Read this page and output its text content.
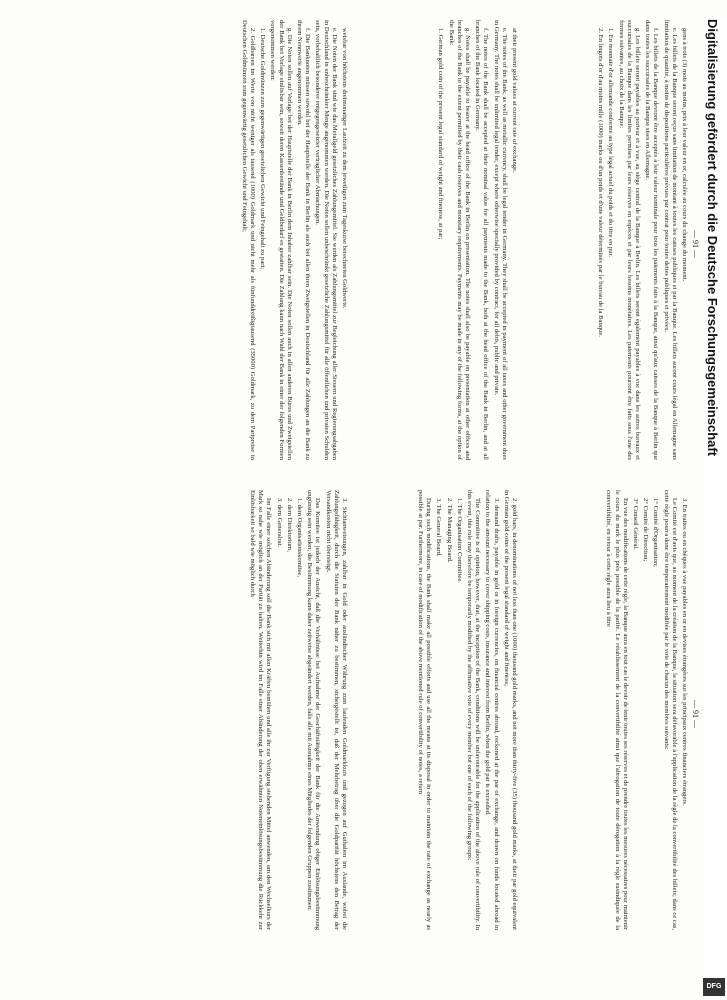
— 91 —
— 91 —

gens à trois (3) mois au moins, prix à leur valeur en or, calculée au cours du change du moment.

e. Les billets de la Banque seront reçus sans limitation de montant à toutes les caisses publiques et par la Banque. Les billets auront cours légal en Allemagne sans limitation de quantité, à moins de dispositions particulières prévues par contrat pour toutes dettes publiques et privées.

f. Les billets de la Banque devront être acceptés à leur valeur nominale pour tous les paiements faits à la Banque, ainsi qu'aux caisses de la Banque à Berlin que dans toutes les succursales de la Banque sises en Allemagne.

g. Les billets seront payables au porteur et à vue, au siège central de la Banque à Berlin. Les billets seront également payables à vue dans les autres bureaux et succursales de la Banque dans les limites permises par leurs réserves en espèces et par leurs besoins monétaires. Les paiements pourront être faits sous l'une des formes suivantes, au choix de la Banque:

1. En monnaie d'or allemande conforme au type légal actuel du poids et du titre en pur.

2. En lingots d'or d'au moins mille (1000) marks ou d'un poids et d'une valeur déterminés par le bureau de la Banque.

3. En traites ou en chèques à vue payables en or en devises étrangères sur les principaux centres financiers étrangers.

Le Comité est d'avis que, au moment de la création de la Banque, la situation sera défavorable à l'application de la règle de la convertibilité des billets; dans ce cas, cette règle pourra donc être temporairement modifiée par le vote de chacun des membres suivants:

1° Comité d'Organisation;

2° Comité de Direction;

3° Conseil Général.

En vue des modifications de cette règle, la Banque aura en tout cas le devoir de tenir toutes ses réserves et de prendre toutes les mesures nécessaires pour maintenir le cours du mark le plus près possible de la parité. Le rétablissement de la convertibilité ainsi que l'abrogation de toute dérogation à la règle susindiquée de la convertibilité, en retour à cette règle aura lieu à titre

at their present gold values at current rate of exchange.

e. The notes of the Bank, as well as metallic currency, shall be legal tender in Germany. They shall be accepted in payment of all taxes and other government dues in Germany. The notes shall be unlimited legal tender, except where otherwise specially provided by contract, for all debts, public and private.

f. The notes of the Bank shall be accepted at their nominal value for all payments made to the Bank, both at the head office of the Bank in Berlin, and at all branches of the Bank located in Germany.

g. Notes shall be payable to bearer at the head office of the Bank in Berlin on presentation. The notes shall also be payable on presentation at other offices and branches of the Bank to the extent permitted by their cash reserves and monetary requirements. Payments may be made in any of the following forms, at the option of the Bank:

1. German gold coin of the present legal standard of weight and fineness, at par;

2. gold bars, in denominations of not less than one (1000) thousand gold marks, and not more than thirty-five (35) thousand gold marks, at their par gold equivalent in German gold coins of the present legal standard of weight and fineness;

3. demand drafts, payable in gold or in foreign currencies, on financial centres abroad, reckoned at the par of exchange, and drawn on funds located abroad in relation to the amount necessary to cover shipping costs, insurance and interest from Berlin, when the gold par is exceeded.

The Committee is of opinion, however, that, at the inception of the Bank, conditions will be unfavourable for the application of the above rule of convertibility. In this event, this rule may therefore be temporarily modified by the affirmative vote of every member but one of each of the following groups:

1. The Organisation Committee.

2. The Managing Board.

3. The General Board.

During such modifications, the Bank shall make all possible efforts and use all the means at its disposal in order to maintain the rate of exchange as nearly as possible at par. Furthermore, in case of modification of the above mentioned rule of convertibility of notes, a return

weisbar von höchstens dreimonatiger Laufzeit zu dem jeweiligen zum Tageskurse berechneten Goldwerte.

e. Die Noten der Bank sind wie das Metallgeld gesetzliches Zahlungsmittel. Sie werden als Zahlungsmittel zur Begleichung aller Steuern und Regierungsabgaben in Deutschland in unbeschränkter Menge angenommen werden. Die Noten sollen unbeschränkt gesetzliche Zahlungsmittel für alle öffentlichen und privaten Schulden sein, vorbehaltlich besonderer entgegengesetzter vertraglicher Abmachungen.

f. Die Banknoten müssen sowohl bei der Hauptstelle der Bank in Berlin als auch bei allen ihren Zweigstellen in Deutschland für alle Zahlungen an die Bank zu ihrem Nennwerte angenommen werden.

g. Die Noten sollen auf Vorlage bei der Hauptstelle der Bank in Berlin dem Inhaber zahlbar sein. Die Noten sollen auch in allen anderen Büros und Zweigstellen der Bank bei Vorlage einlösbar sein, soweit deren Kassenbestände und Geldbedarf es gestatten. Die Zahlung kann nach Wahl der Bank in einer der folgenden Formen vorgenommen werden:

1. Deutsche Goldmünzen zum gegenwärtigen gesetzlichen Gewicht und Feingehalt zu pari;

2. Goldbarren im Werte von nicht weniger als tausend (1000) Goldmark und nicht mehr als fünfunddreißigtausend (35000) Goldmark, zu dem Paripreise in Deutschen Goldmünzen zum gegenwärtig gesetzlichen Gewicht und Feingehalt;

3. Sichtanweisungen, zahlbar in Gold oder ausländischer Währung zum laufenden Goldmarkkurs und gezogen auf Guthaben im Auslande, wobei die Zahlungsfähigkeit, durch die Statuten der Bank näher zu bestimmen, sichergestellt ist, daß der Mehrbetrag über die Goldparität höchstens den Betrag der Versandkosten nicht übersteigt.

Das Komitee ist jedoch der Ansicht, daß die Verhältnisse bei Aufnahme der Geschäftstätigkeit der Bank für die Anwendung obiger Einlösungsbestimmung ungünstig sein werden; die Bestimmung kann daher zeitweise abgeändert werden, falls alle mit Ausnahme eines Mitgliedes der folgenden Gruppen zustimmen:

1. dem Organisationskomitee,

2. dem Direktorium,

3. dem Generalrat.

Im Falle einer solchen Abänderung soll die Bank sich mit allen Kräften bemühen und alle ihr zur Verfügung stehenden Mittel anwenden, um den Wechselkurs der Mark so nahe wie möglich an der Parität zu halten. Weiterhin wird im Falle einer Abänderung der oben erwähnten Noteneinlösungsbestimmung die Rückkehr zur Einlösbarkeit so bald wie möglich durch

Digitalisierung gefördert durch die Deutsche Forschungsgemeinschaft
DFG
